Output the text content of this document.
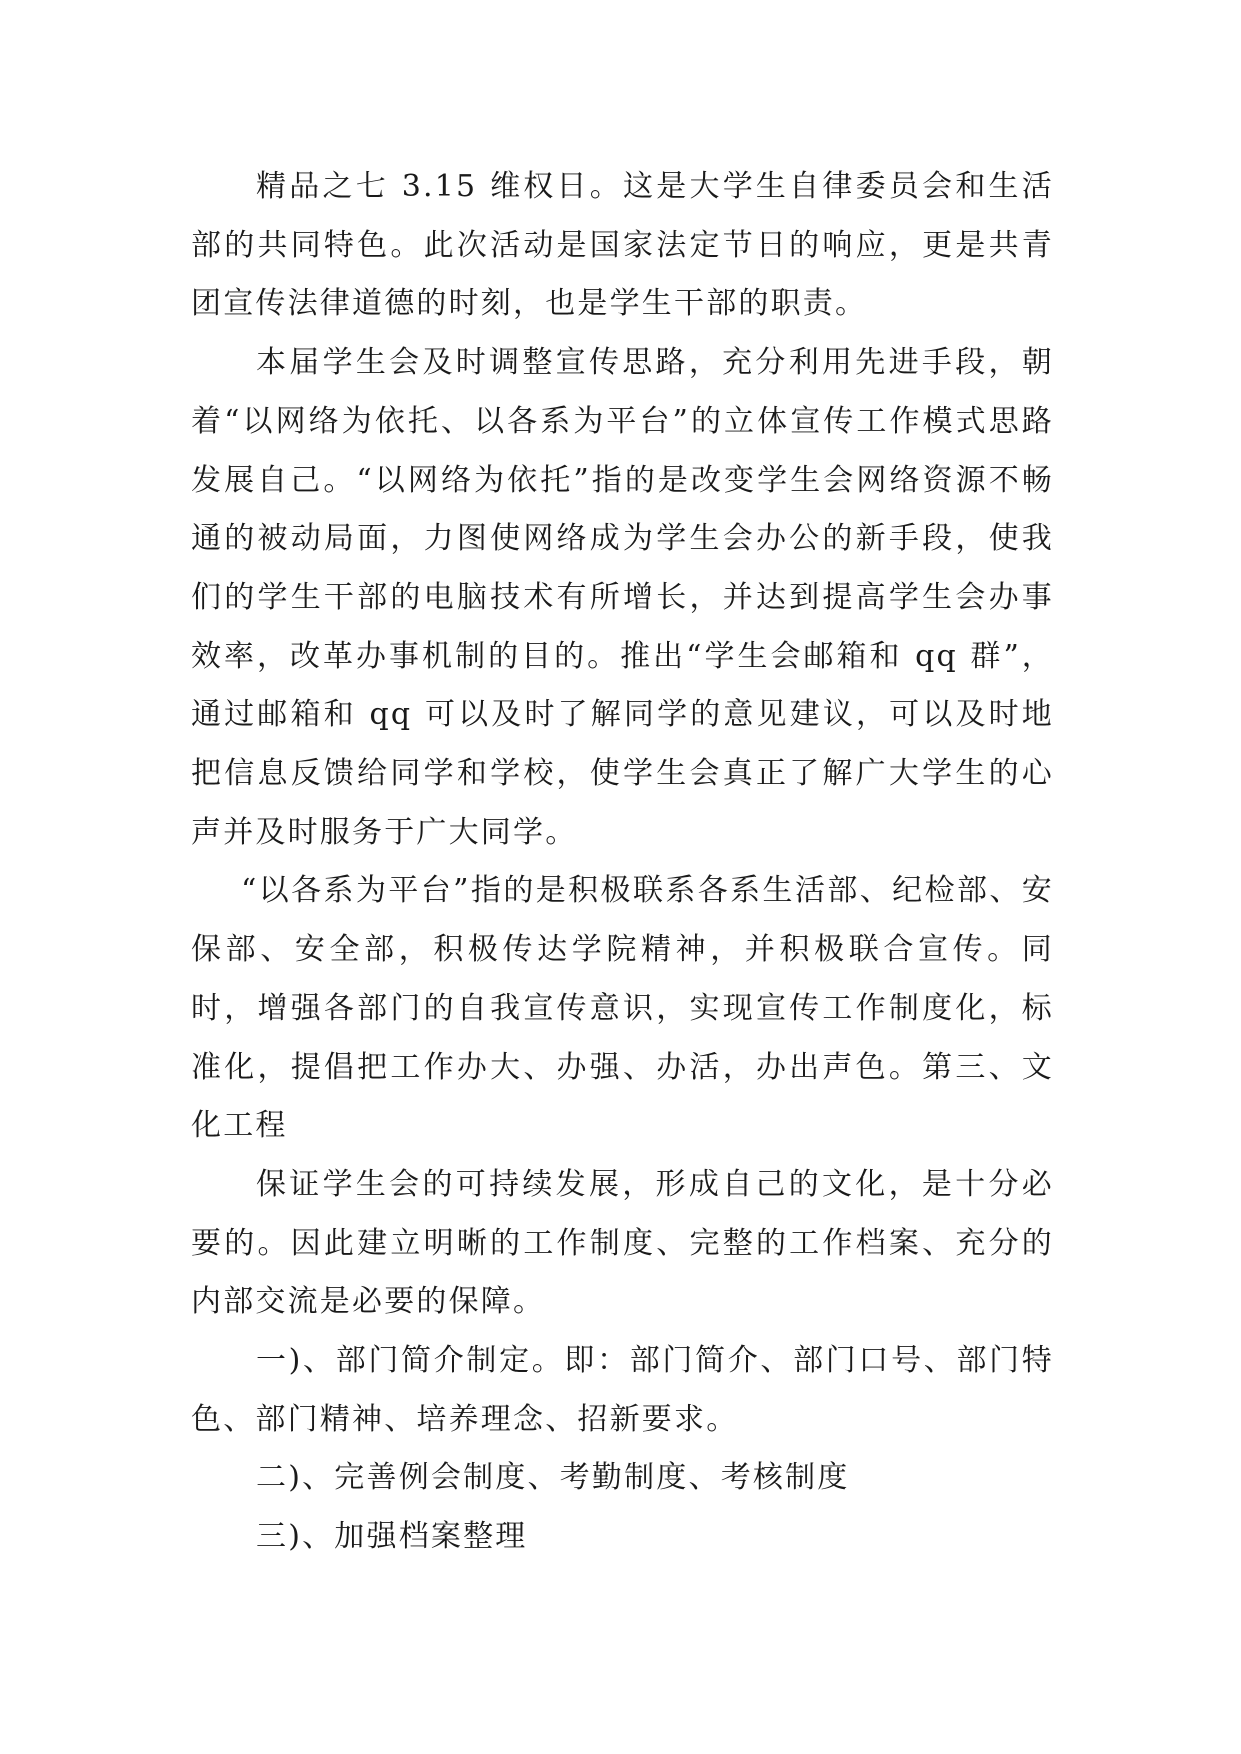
精品之七 3.15 维权日。这是大学生自律委员会和生活部的共同特色。此次活动是国家法定节日的响应，更是共青团宣传法律道德的时刻，也是学生干部的职责。

本届学生会及时调整宣传思路，充分利用先进手段，朝着“以网络为依托、以各系为平台”的立体宣传工作模式思路发展自己。“以网络为依托”指的是改变学生会网络资源不畅通的被动局面，力图使网络成为学生会办公的新手段，使我们的学生干部的电脑技术有所增长，并达到提高学生会办事效率，改革办事机制的目的。推出“学生会邮箱和 qq 群”，通过邮箱和 qq 可以及时了解同学的意见建议，可以及时地把信息反馈给同学和学校，使学生会真正了解广大学生的心声并及时服务于广大同学。

“以各系为平台”指的是积极联系各系生活部、纪检部、安保部、安全部，积极传达学院精神，并积极联合宣传。同时，增强各部门的自我宣传意识，实现宣传工作制度化，标准化，提倡把工作办大、办强、办活，办出声色。第三、文化工程

保证学生会的可持续发展，形成自己的文化，是十分必要的。因此建立明晰的工作制度、完整的工作档案、充分的内部交流是必要的保障。

一)、部门简介制定。即：部门简介、部门口号、部门特色、部门精神、培养理念、招新要求。

二)、完善例会制度、考勤制度、考核制度

三)、加强档案整理
